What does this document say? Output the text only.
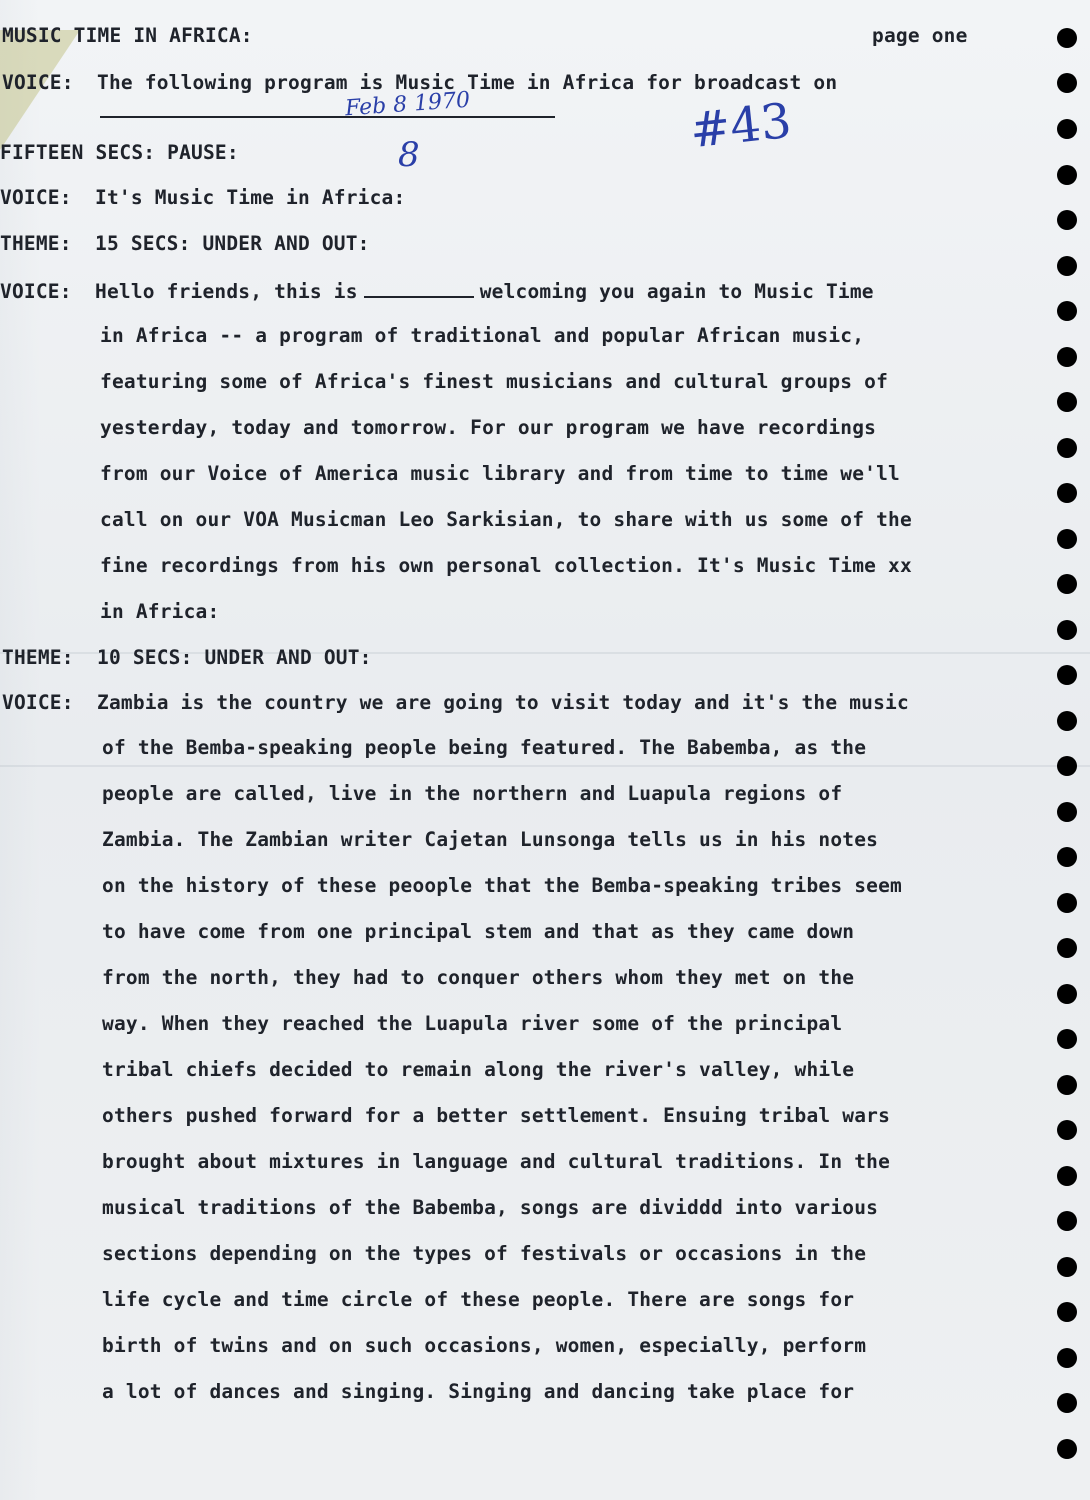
MUSIC TIME IN AFRICA:	page one
VOICE: The following program is Music Time in Africa for broadcast on
Feb 8 1970	#43
8
FIFTEEN SECS: PAUSE:
VOICE: It's Music Time in Africa:
THEME: 15 SECS: UNDER AND OUT:
VOICE: Hello friends, this is	welcoming you again to Music Time
in Africa -- a program of traditional and popular African music,
featuring some of Africa's finest musicians and cultural groups of
yesterday, today and tomorrow. For our program we have recordings
from our Voice of America music library and from time to time we'll
call on our VOA Musicman Leo Sarkisian, to share with us some of the
fine recordings from his own personal collection. It's Music Time xx
in Africa:
THEME: 10 SECS: UNDER AND OUT:
VOICE: Zambia is the country we are going to visit today and it's the music
of the Bemba-speaking people being featured. The Babemba, as the
people are called, live in the northern and Luapula regions of
Zambia. The Zambian writer Cajetan Lunsonga tells us in his notes
on the history of these peoople that the Bemba-speaking tribes seem
to have come from one principal stem and that as they came down
from the north, they had to conquer others whom they met on the
way. When they reached the Luapula river some of the principal
tribal chiefs decided to remain along the river's valley, while
others pushed forward for a better settlement. Ensuing tribal wars
brought about mixtures in language and cultural traditions. In the
musical traditions of the Babemba, songs are dividdd into various
sections depending on the types of festivals or occasions in the
life cycle and time circle of these people. There are songs for
birth of twins and on such occasions, women, especially, perform
a lot of dances and singing. Singing and dancing take place for
